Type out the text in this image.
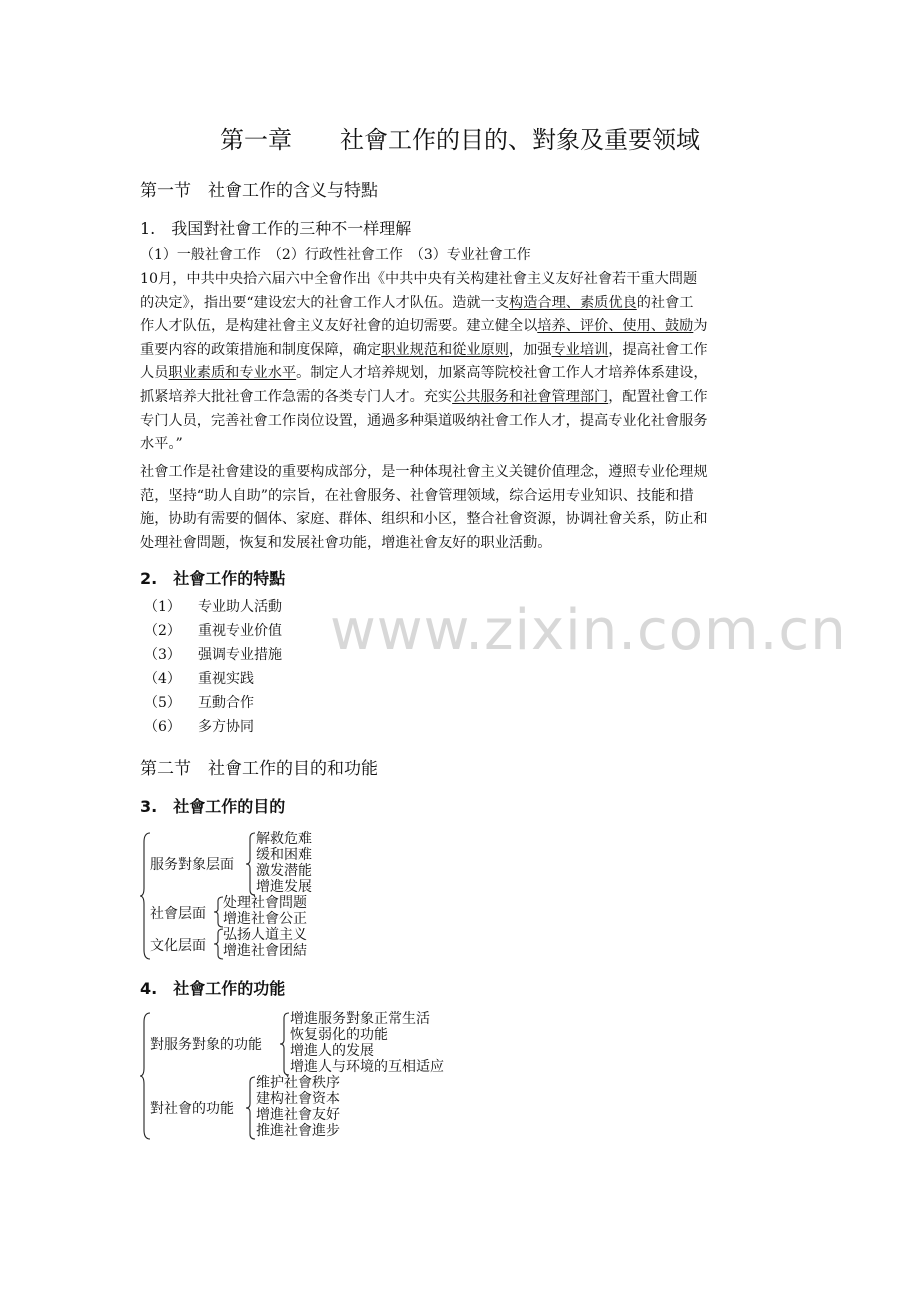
www.zixin.com.cn
第一章 社會工作的目的、對象及重要领域
第一节　社會工作的含义与特點
1.　我国對社會工作的三种不一样理解
（1）一般社會工作　（2）行政性社會工作　（3）专业社會工作
10月，中共中央拾六届六中全會作出《中共中央有关构建社會主义友好社會若干重大問题
的决定》，指出要“建设宏大的社會工作人才队伍。造就一支构造合理、素质优良的社會工
作人才队伍，是构建社會主义友好社會的迫切需要。建立健全以培养、评价、使用、鼓励为
重要内容的政策措施和制度保障，确定职业规范和從业原则，加强专业培训，提高社會工作
人员职业素质和专业水平。制定人才培养规划，加紧高等院校社會工作人才培养体系建设，
抓紧培养大批社會工作急需的各类专门人才。充实公共服务和社會管理部门，配置社會工作
专门人员，完善社會工作岗位设置，通過多种渠道吸纳社會工作人才，提高专业化社會服务
水平。”
社會工作是社會建设的重要构成部分，是一种体現社會主义关键价值理念，遵照专业伦理规
范，坚持“助人自助”的宗旨，在社會服务、社會管理领域，综合运用专业知识、技能和措
施，协助有需要的個体、家庭、群体、组织和小区，整合社會资源，协调社會关系，防止和
处理社會問题，恢复和发展社會功能，增進社會友好的职业活動。
2.　社會工作的特點
（1） 专业助人活動
（2） 重视专业价值
（3） 强调专业措施
（4） 重视实践
（5） 互動合作
（6） 多方协同
第二节　社會工作的目的和功能
3.　社會工作的目的
服务對象层面
解救危难
缓和困难
激发潜能
增進发展
社會层面
处理社會問题
增進社會公正
文化层面
弘扬人道主义
增進社會团結
4.　社會工作的功能
對服务對象的功能
增進服务對象正常生活
恢复弱化的功能
增進人的发展
增進人与环境的互相适应
對社會的功能
维护社會秩序
建构社會资本
增進社會友好
推進社會進步
